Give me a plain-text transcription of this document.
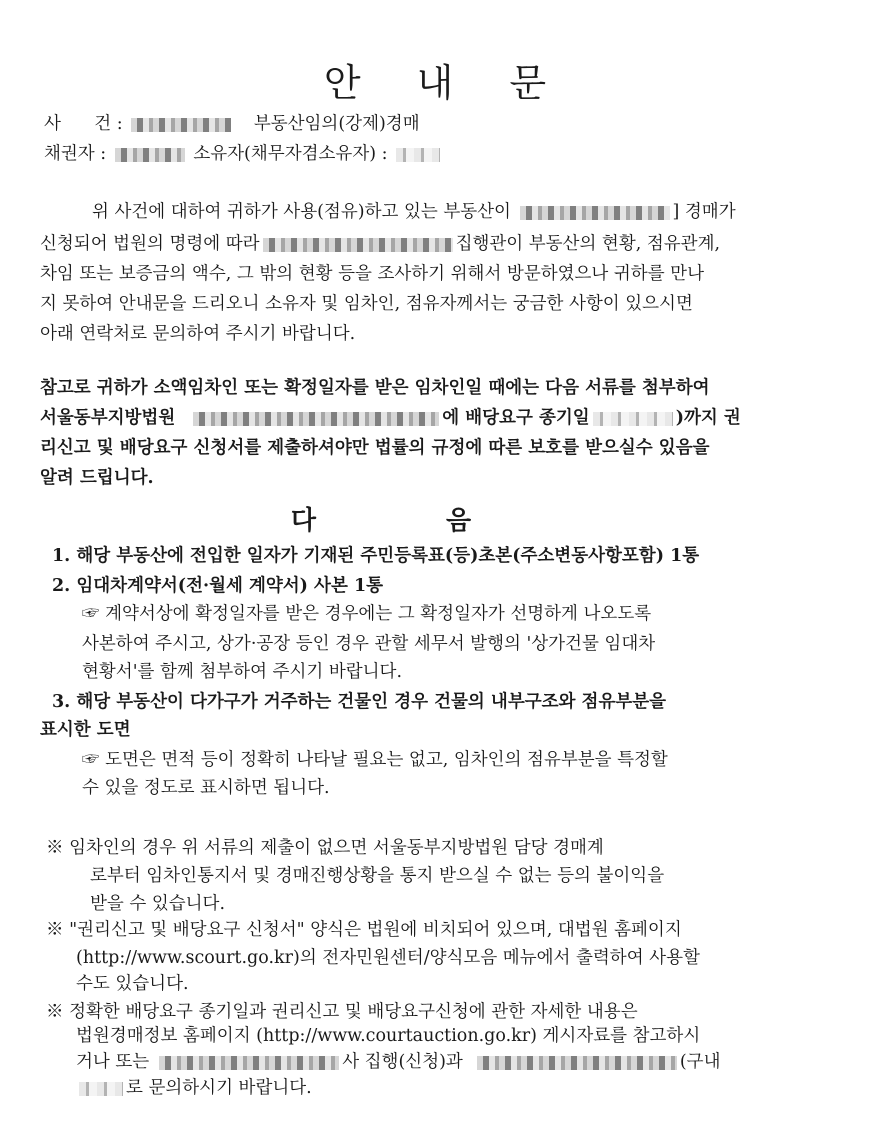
안 내 문
사      건 :	부동산임의(강제)경매
채권자 :	소유자(채무자겸소유자) :
위 사건에 대하여 귀하가 사용(점유)하고 있는 부동산이	] 경매가
신청되어 법원의 명령에 따라	집행관이 부동산의 현황, 점유관계,
차임 또는 보증금의 액수, 그 밖의 현황 등을 조사하기 위해서 방문하였으나 귀하를 만나
지 못하여 안내문을 드리오니 소유자 및 임차인, 점유자께서는 궁금한 사항이 있으시면
아래 연락처로 문의하여 주시기 바랍니다.
참고로 귀하가 소액임차인 또는 확정일자를 받은 임차인일 때에는 다음 서류를 첨부하여
서울동부지방법원	에 배당요구 종기일	)까지 권
리신고 및 배당요구 신청서를 제출하셔야만 법률의 규정에 따른 보호를 받으실수 있음을
알려 드립니다.
다음
1. 해당 부동산에 전입한 일자가 기재된 주민등록표(등)초본(주소변동사항포함) 1통
2. 임대차계약서(전·월세 계약서) 사본 1통
☞ 계약서상에 확정일자를 받은 경우에는 그 확정일자가 선명하게 나오도록
사본하여 주시고, 상가·공장 등인 경우 관할 세무서 발행의 '상가건물 임대차
현황서'를 함께 첨부하여 주시기 바랍니다.
3. 해당 부동산이 다가구가 거주하는 건물인 경우 건물의 내부구조와 점유부분을
표시한 도면
☞ 도면은 면적 등이 정확히 나타날 필요는 없고, 임차인의 점유부분을 특정할
수 있을 정도로 표시하면 됩니다.
※ 임차인의 경우 위 서류의 제출이 없으면 서울동부지방법원 담당 경매계
로부터 임차인통지서 및 경매진행상황을 통지 받으실 수 없는 등의 불이익을
받을 수 있습니다.
※ "권리신고 및 배당요구 신청서" 양식은 법원에 비치되어 있으며, 대법원 홈페이지
(http://www.scourt.go.kr)의 전자민원센터/양식모음 메뉴에서 출력하여 사용할
수도 있습니다.
※ 정확한 배당요구 종기일과 권리신고 및 배당요구신청에 관한 자세한 내용은
법원경매정보 홈페이지 (http://www.courtauction.go.kr) 게시자료를 참고하시
거나 또는	사 집행(신청)과	(구내
로 문의하시기 바랍니다.
